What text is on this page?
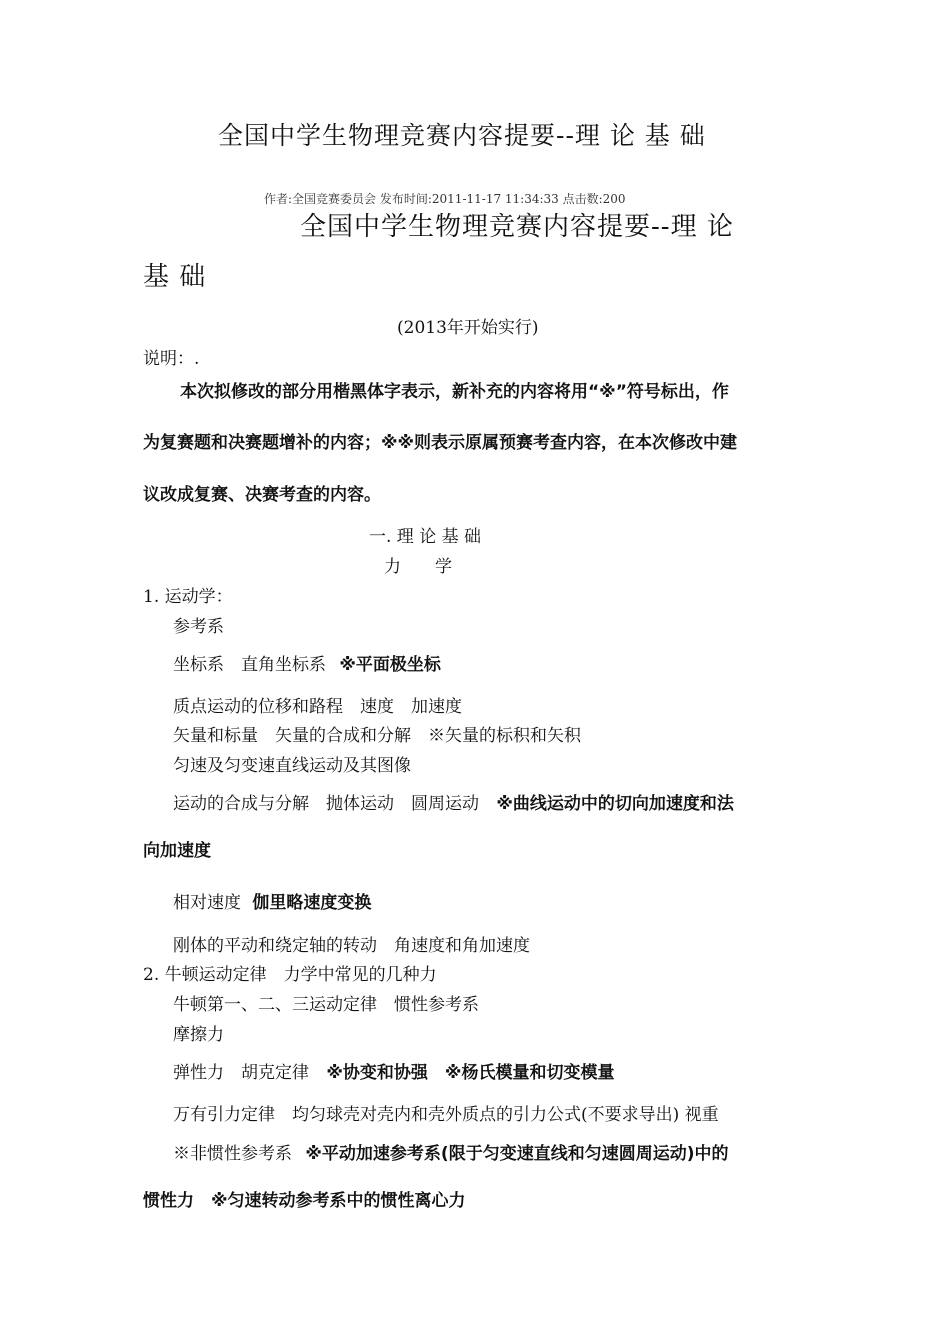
全国中学生物理竞赛内容提要--理 论 基 础
作者:全国竞赛委员会 发布时间:2011-11-17 11:34:33 点击数:200
全国中学生物理竞赛内容提要--理 论
基 础
(2013年开始实行)
说明：.
本次拟修改的部分用楷黑体字表示，新补充的内容将用“※”符号标出，作
为复赛题和决赛题增补的内容；※※则表示原属预赛考查内容，在本次修改中建
议改成复赛、决赛考查的内容。
一. 理 论 基 础
力　　学
1. 运动学：
参考系
坐标系　直角坐标系 ※平面极坐标
质点运动的位移和路程　速度　加速度
矢量和标量　矢量的合成和分解　※矢量的标积和矢积
匀速及匀变速直线运动及其图像
运动的合成与分解　抛体运动　圆周运动 ※曲线运动中的切向加速度和法
向加速度
相对速度 伽里略速度变换
刚体的平动和绕定轴的转动　角速度和角加速度
2. 牛顿运动定律　力学中常见的几种力
牛顿第一、二、三运动定律　惯性参考系
摩擦力
弹性力　胡克定律 ※协变和协强　※杨氏模量和切变模量
万有引力定律　均匀球壳对壳内和壳外质点的引力公式(不要求导出) 视重
※非惯性参考系 ※平动加速参考系(限于匀变速直线和匀速圆周运动)中的
惯性力　※匀速转动参考系中的惯性离心力
